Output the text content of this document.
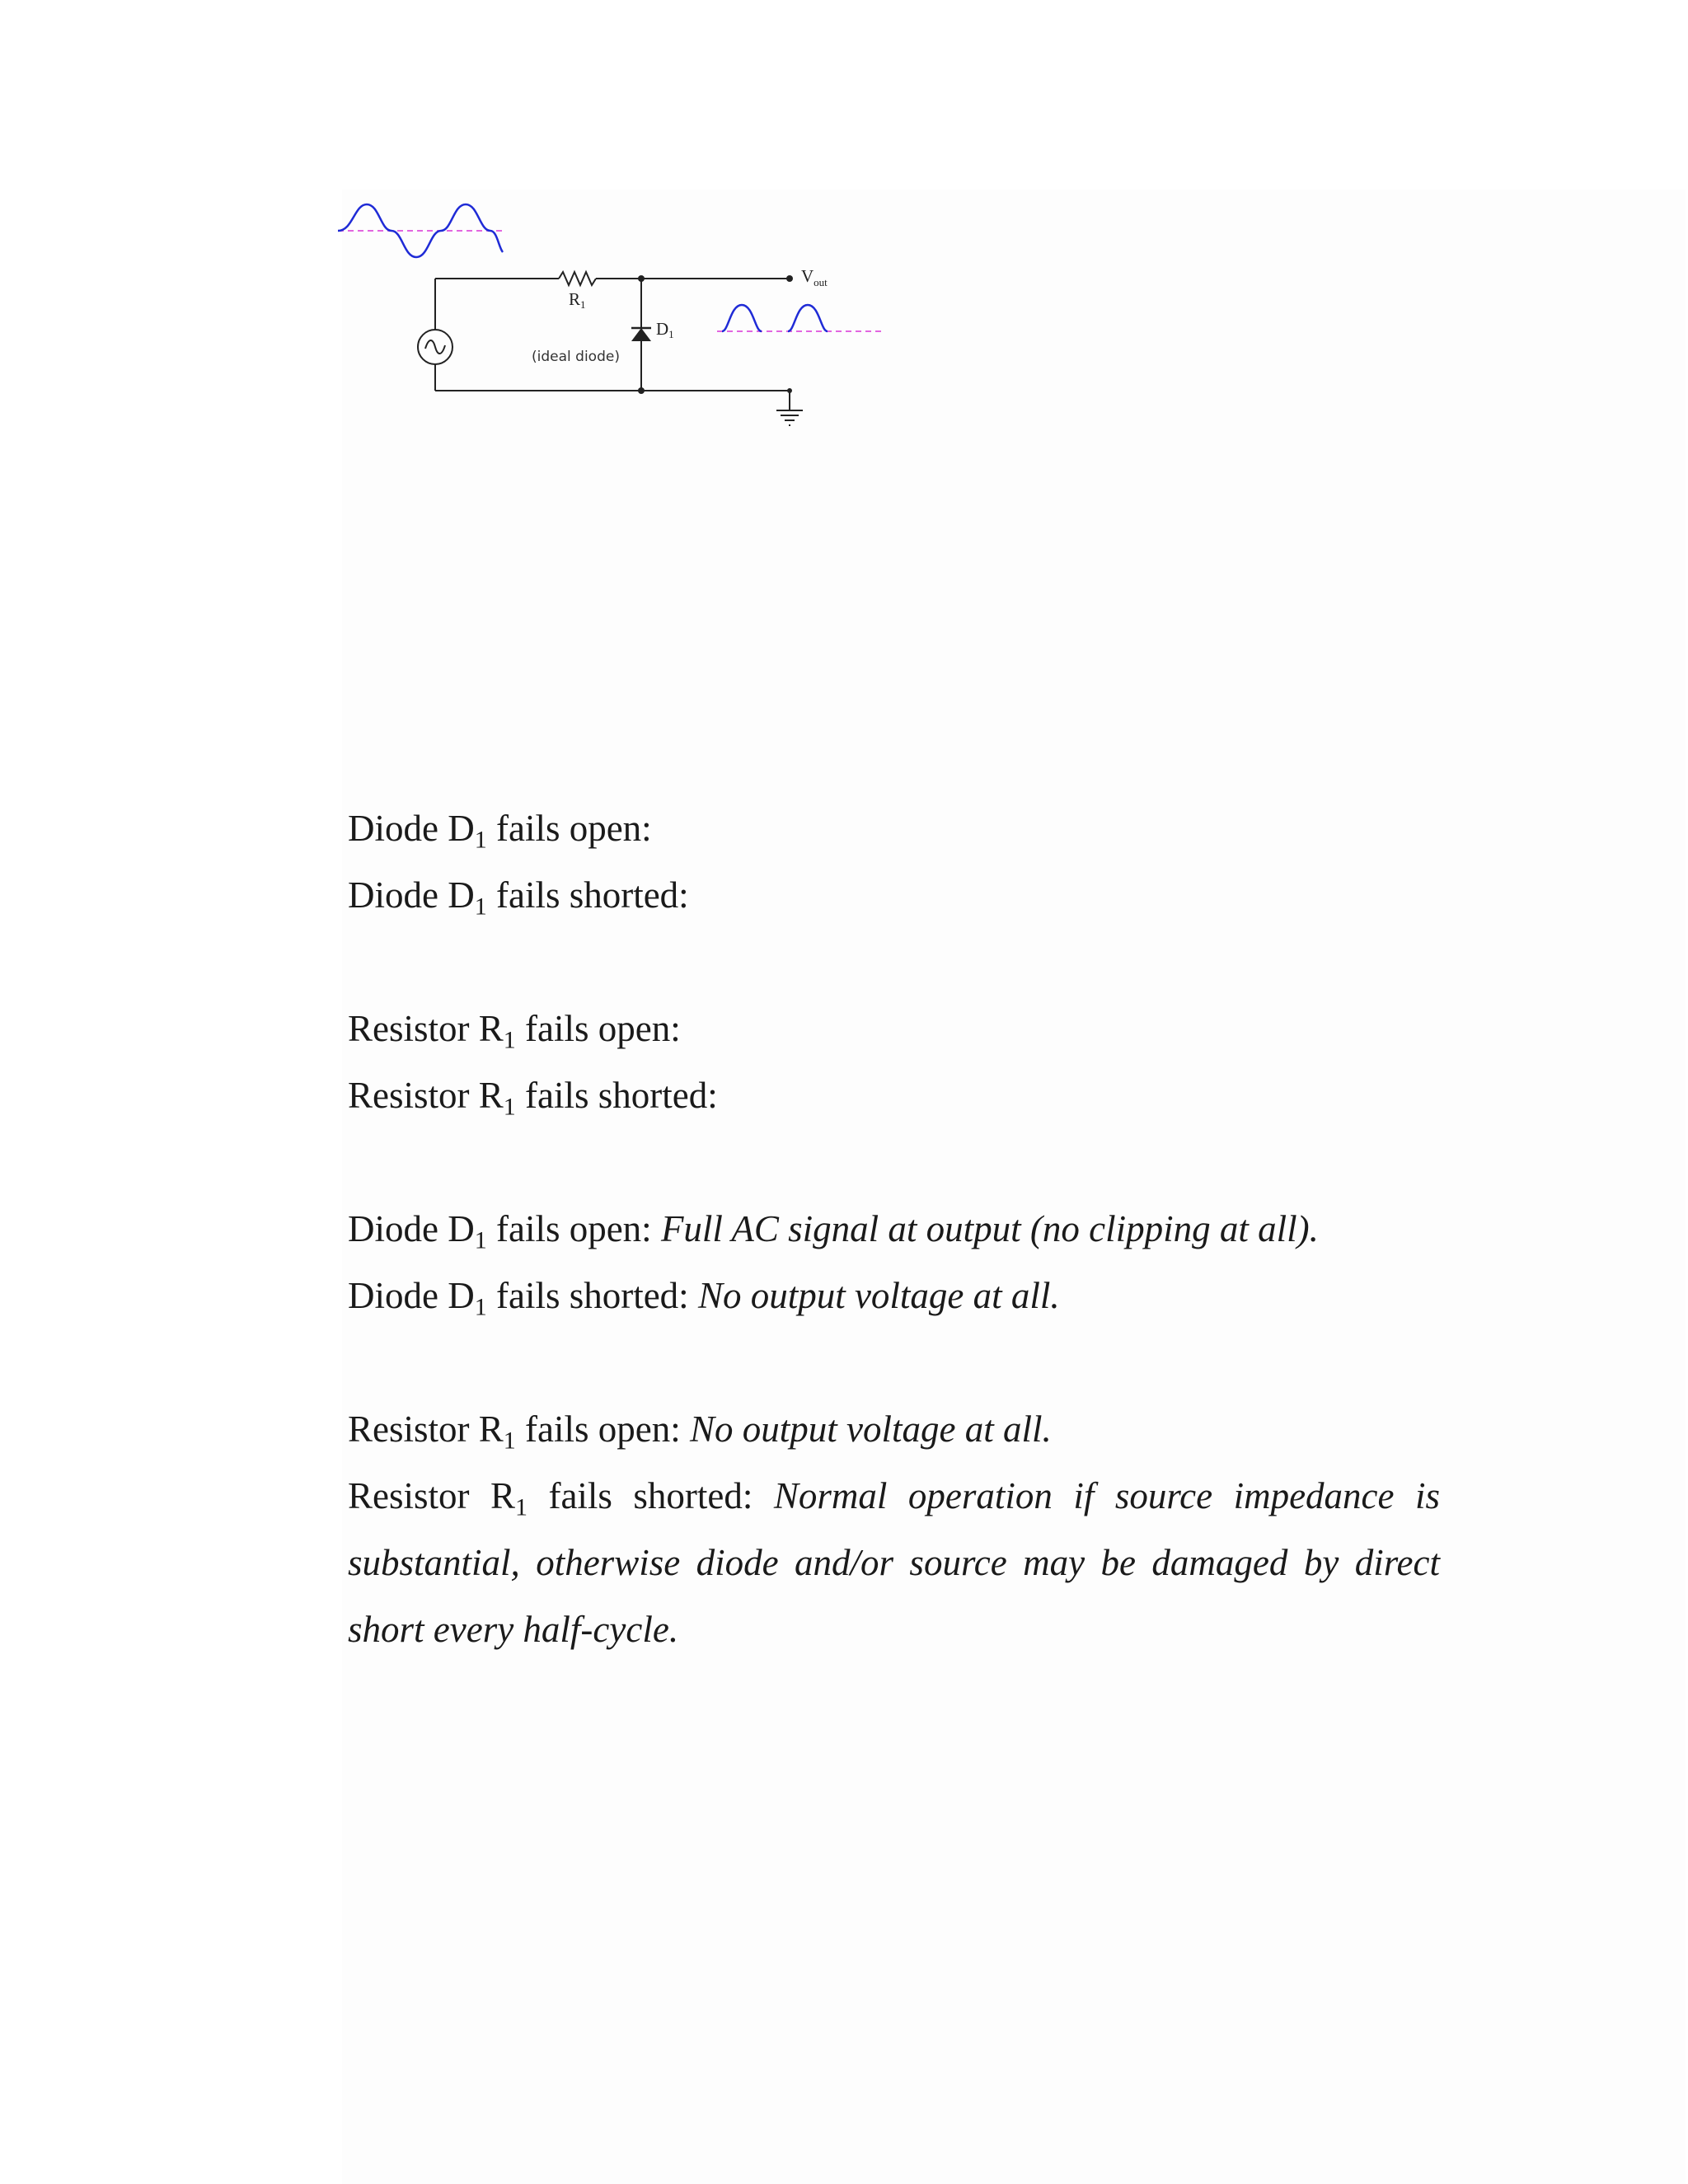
R1
D1
(ideal diode)
$V_{out}$
Diode $D_1$ fails open:
Diode $D_1$ fails shorted:
Resistor $R_1$ fails open:
Resistor $R_1$ fails shorted:
Diode $D_1$ fails open: Full AC signal at output (no clipping at all).
Diode $D_1$ fails shorted: No output voltage at all.
Resistor $R_1$ fails open: No output voltage at all.
Resistor $R_1$ fails shorted: Normal operation if source impedance is substantial, otherwise diode and/or source may be damaged by direct short every half-cycle.
